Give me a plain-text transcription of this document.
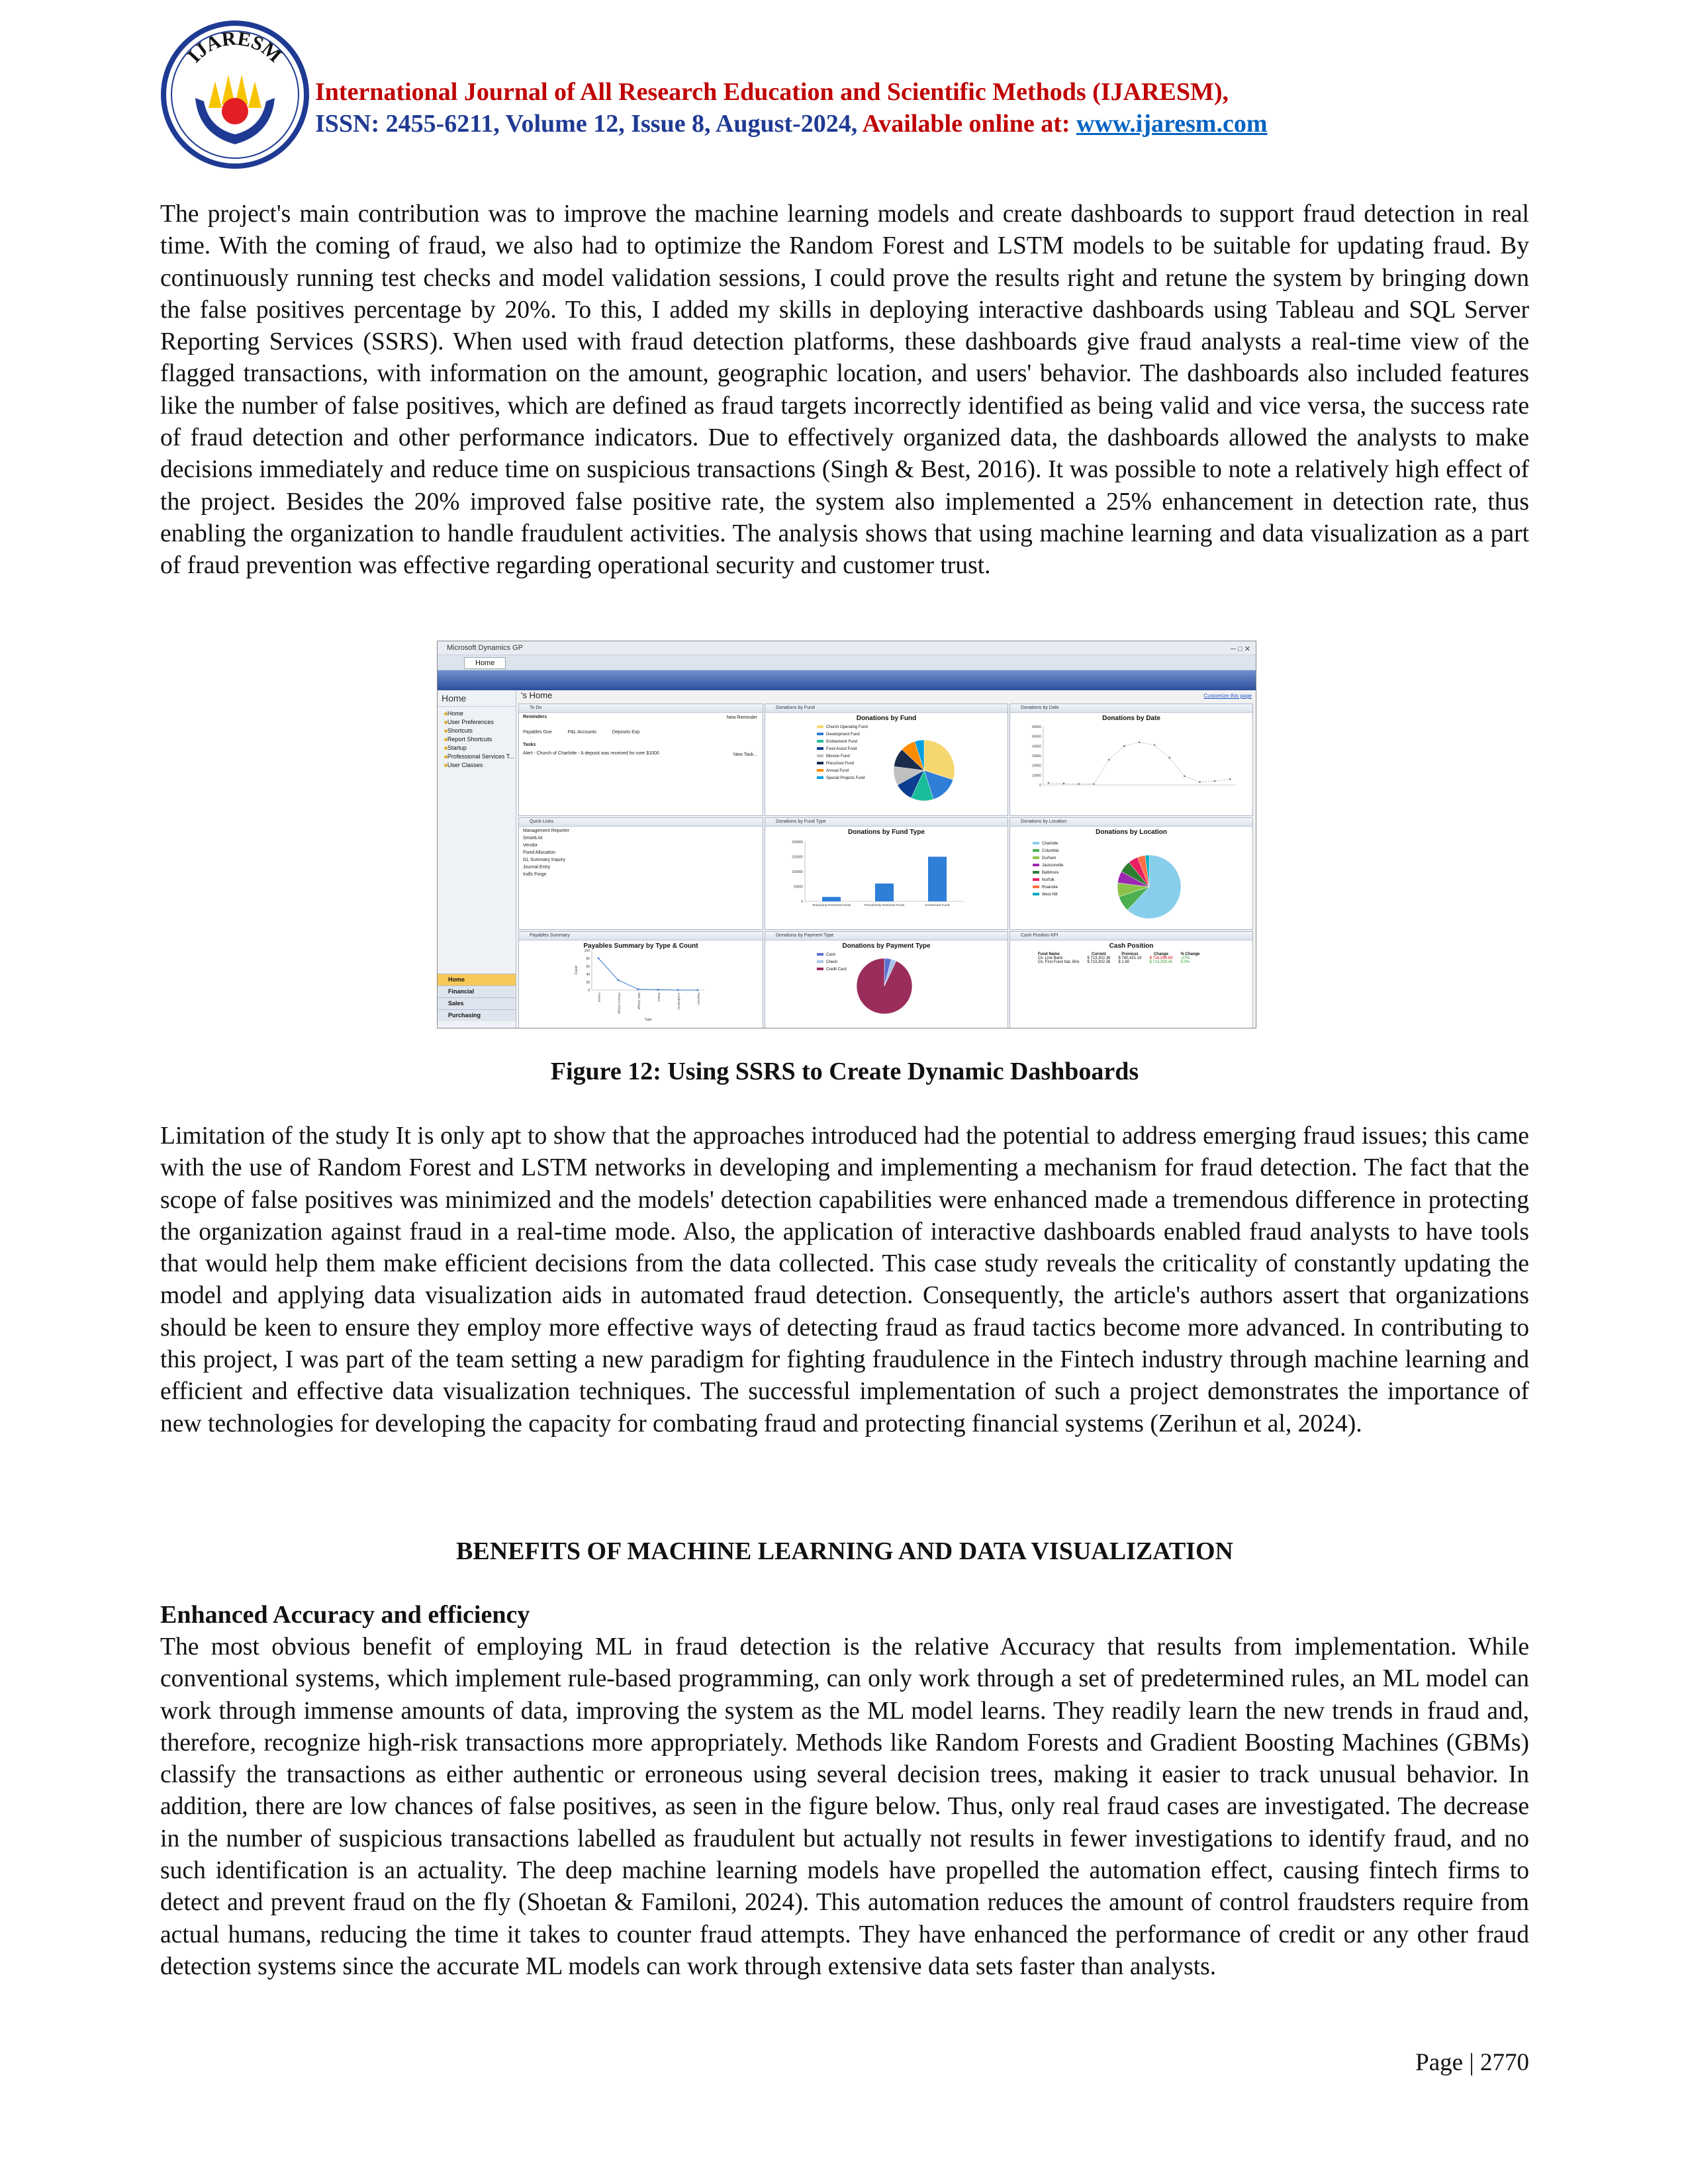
IJARESM
International Journal of All Research Education and Scientific Methods (IJARESM),
ISSN: 2455-6211, Volume 12, Issue 8, August-2024, Available online at: www.ijaresm.com

The project's main contribution was to improve the machine learning models and create dashboards to support fraud detection in real time. With the coming of fraud, we also had to optimize the Random Forest and LSTM models to be suitable for updating fraud. By continuously running test checks and model validation sessions, I could prove the results right and retune the system by bringing down the false positives percentage by 20%. To this, I added my skills in deploying interactive dashboards using Tableau and SQL Server Reporting Services (SSRS). When used with fraud detection platforms, these dashboards give fraud analysts a real-time view of the flagged transactions, with information on the amount, geographic location, and users' behavior. The dashboards also included features like the number of false positives, which are defined as fraud targets incorrectly identified as being valid and vice versa, the success rate of fraud detection and other performance indicators. Due to effectively organized data, the dashboards allowed the analysts to make decisions immediately and reduce time on suspicious transactions (Singh & Best, 2016). It was possible to note a relatively high effect of the project. Besides the 20% improved false positive rate, the system also implemented a 25% enhancement in detection rate, thus enabling the organization to handle fraudulent activities. The analysis shows that using machine learning and data visualization as a part of fraud prevention was effective regarding operational security and customer trust.

Microsoft Dynamics GP	─ □ ✕
Home
Home
■ Home
■ User Preferences
■ Shortcuts
■ Report Shortcuts
■ Startup
■ Professional Services T...
■ User Classes
Home
Financial
Sales
Purchasing
's Home	Customize this page
To Do
Reminders	New Reminder
Payables Due	P&L Accounts	Deposits Exp
Tasks
New Task...
Alert - Church of Charlotte - A deposit was received for over $1000
Donations by Fund
Donations by Fund
Church Operating Fund
Development Fund
Endowment Fund
Food Assist Fund
Mission Fund
Preschool Fund
Annual Fund
Special Projects Fund
Donations by Date
Donations by Date
0
10000
20000
30000
40000
50000
60000
Quick Links
Management Reporter
SmartList
Vendor
Fixed Allocation
GL Summary Inquiry
Journal Entry
Indfs Forge
Donations by Fund Type
Donations by Fund Type
0
50000
100000
150000
200000
Temporarily Restricted Funds	Permanently Restricted Funds	Unrestricted Funds
Donations by Location
Donations by Location
Charlotte
Columbia
Durham
Jacksonville
Baltimore
Norfolk
Roanoke
West Hill
Payables Summary
Payables Summary by Type & Count
0
20
40
60
80
100
Invoice	Finance Charge	Misc Charge	Return	Credit Memo	Payment
Type
Count
Donations by Payment Type
Donations by Payment Type
Cash
Check
Credit Card
Cash Position KPI
Cash Position
Fund Name	Current	Previous	Change	% Change
Ck. Line Bank	$ 713,302.36	$ 780,421.16	$ 716,094.63	-27%
Ck. First Fund Nat. Bnk	$ 713,302.36	$ 1.90	$ 713,300.41	0.0%
Figure 12: Using SSRS to Create Dynamic Dashboards

Limitation of the study It is only apt to show that the approaches introduced had the potential to address emerging fraud issues; this came with the use of Random Forest and LSTM networks in developing and implementing a mechanism for fraud detection. The fact that the scope of false positives was minimized and the models' detection capabilities were enhanced made a tremendous difference in protecting the organization against fraud in a real-time mode. Also, the application of interactive dashboards enabled fraud analysts to have tools that would help them make efficient decisions from the data collected. This case study reveals the criticality of constantly updating the model and applying data visualization aids in automated fraud detection. Consequently, the article's authors assert that organizations should be keen to ensure they employ more effective ways of detecting fraud as fraud tactics become more advanced. In contributing to this project, I was part of the team setting a new paradigm for fighting fraudulence in the Fintech industry through machine learning and efficient and effective data visualization techniques. The successful implementation of such a project demonstrates the importance of new technologies for developing the capacity for combating fraud and protecting financial systems (Zerihun et al, 2024).

BENEFITS OF MACHINE LEARNING AND DATA VISUALIZATION
Enhanced Accuracy and efficiency

The most obvious benefit of employing ML in fraud detection is the relative Accuracy that results from implementation. While conventional systems, which implement rule-based programming, can only work through a set of predetermined rules, an ML model can work through immense amounts of data, improving the system as the ML model learns. They readily learn the new trends in fraud and, therefore, recognize high-risk transactions more appropriately. Methods like Random Forests and Gradient Boosting Machines (GBMs) classify the transactions as either authentic or erroneous using several decision trees, making it easier to track unusual behavior. In addition, there are low chances of false positives, as seen in the figure below. Thus, only real fraud cases are investigated. The decrease in the number of suspicious transactions labelled as fraudulent but actually not results in fewer investigations to identify fraud, and no such identification is an actuality. The deep machine learning models have propelled the automation effect, causing fintech firms to detect and prevent fraud on the fly (Shoetan & Familoni, 2024). This automation reduces the amount of control fraudsters require from actual humans, reducing the time it takes to counter fraud attempts. They have enhanced the performance of credit or any other fraud detection systems since the accurate ML models can work through extensive data sets faster than analysts.

Page | 2770
